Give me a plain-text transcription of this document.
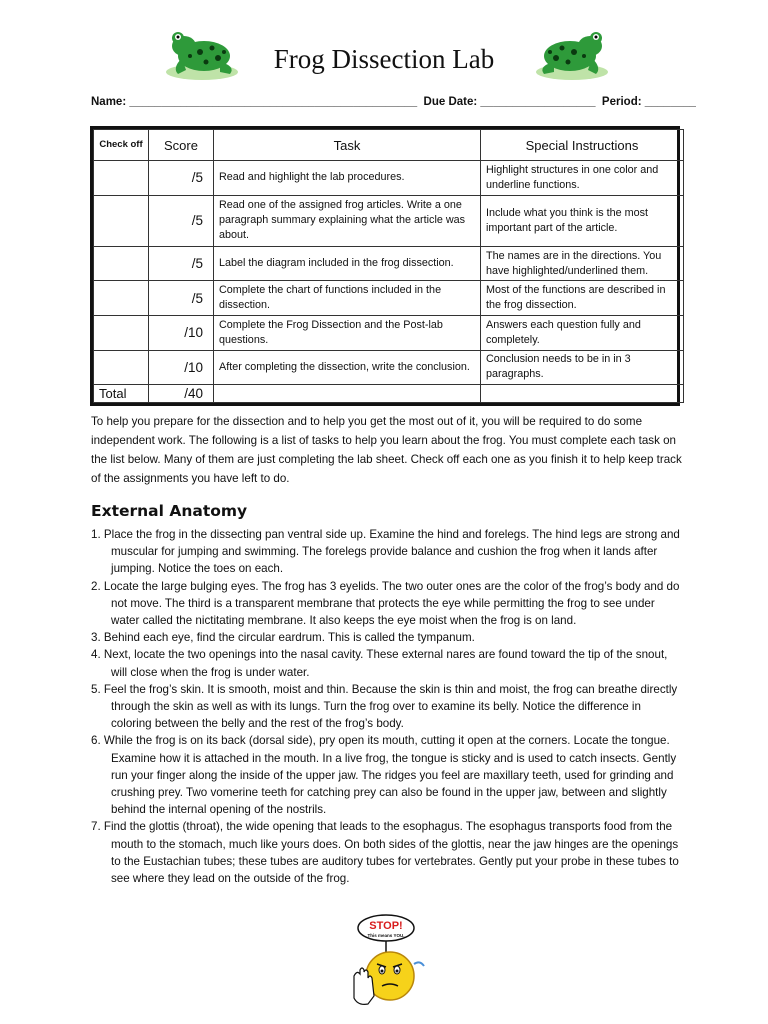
Frog Dissection Lab
Name: _____________________________________________  Due Date: __________________  Period: ________
Check off	Score	Task	Special Instructions
	/5	Read and highlight the lab procedures.	Highlight structures in one color and underline functions.
	/5	Read one of the assigned frog articles. Write a one paragraph summary explaining what the article was about.	Include what you think is the most important part of the article.
	/5	Label the diagram included in the frog dissection.	The names are in the directions. You have highlighted/underlined them.
	/5	Complete the chart of functions included in the dissection.	Most of the functions are described in the frog dissection.
	/10	Complete the Frog Dissection and the Post-lab questions.	Answers each question fully and completely.
	/10	After completing the dissection, write the conclusion.	Conclusion needs to be in in 3 paragraphs.
Total	/40		
To help you prepare for the dissection and to help you get the most out of it, you will be required to do some independent work. The following is a list of tasks to help you learn about the frog. You must complete each task on the list below. Many of them are just completing the lab sheet. Check off each one as you finish it to help keep track of the assignments you have left to do.
External Anatomy
1. Place the frog in the dissecting pan ventral side up. Examine the hind and forelegs. The hind legs are strong and muscular for jumping and swimming. The forelegs provide balance and cushion the frog when it lands after jumping. Notice the toes on each.
2. Locate the large bulging eyes. The frog has 3 eyelids. The two outer ones are the color of the frog’s body and do not move. The third is a transparent membrane that protects the eye while permitting the frog to see under water called the nictitating membrane. It also keeps the eye moist when the frog is on land.
3. Behind each eye, find the circular eardrum. This is called the tympanum.
4. Next, locate the two openings into the nasal cavity. These external nares are found toward the tip of the snout, will close when the frog is under water.
5. Feel the frog’s skin. It is smooth, moist and thin. Because the skin is thin and moist, the frog can breathe directly through the skin as well as with its lungs. Turn the frog over to examine its belly. Notice the difference in coloring between the belly and the rest of the frog’s body.
6. While the frog is on its back (dorsal side), pry open its mouth, cutting it open at the corners. Locate the tongue. Examine how it is attached in the mouth. In a live frog, the tongue is sticky and is used to catch insects. Gently run your finger along the inside of the upper jaw. The ridges you feel are maxillary teeth, used for grinding and crushing prey. Two vomerine teeth for catching prey can also be found in the upper jaw, between and slightly behind the internal opening of the nostrils.
7. Find the glottis (throat), the wide opening that leads to the esophagus. The esophagus transports food from the mouth to the stomach, much like yours does. On both sides of the glottis, near the jaw hinges are the openings to the Eustachian tubes; these tubes are auditory tubes for vertebrates. Gently put your probe in these tubes to see where they lead on the outside of the frog.
STOP!
This means YOU.
